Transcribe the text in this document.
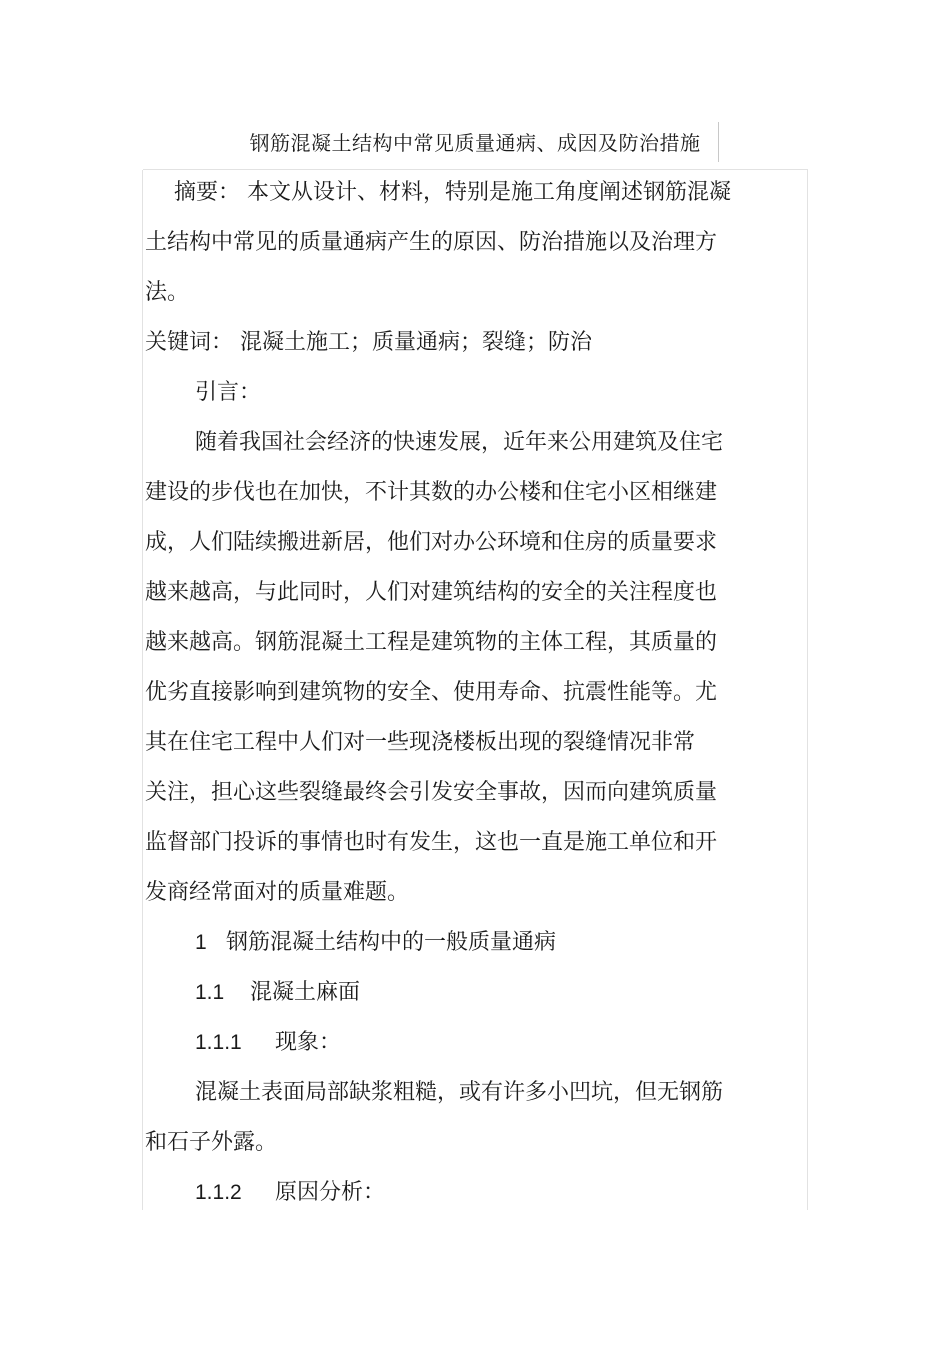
钢筋混凝土结构中常见质量通病、成因及防治措施
摘要： 本文从设计、材料，特别是施工角度阐述钢筋混凝
土结构中常见的质量通病产生的原因、防治措施以及治理方
法。
关键词： 混凝土施工；质量通病；裂缝；防治
引言：
随着我国社会经济的快速发展，近年来公用建筑及住宅
建设的步伐也在加快，不计其数的办公楼和住宅小区相继建
成，人们陆续搬进新居，他们对办公环境和住房的质量要求
越来越高，与此同时，人们对建筑结构的安全的关注程度也
越来越高。钢筋混凝土工程是建筑物的主体工程，其质量的
优劣直接影响到建筑物的安全、使用寿命、抗震性能等。尤
其在住宅工程中人们对一些现浇楼板出现的裂缝情况非常
关注，担心这些裂缝最终会引发安全事故，因而向建筑质量
监督部门投诉的事情也时有发生，这也一直是施工单位和开
发商经常面对的质量难题。
1 钢筋混凝土结构中的一般质量通病
1.1 混凝土麻面
1.1.1 现象：
混凝土表面局部缺浆粗糙，或有许多小凹坑，但无钢筋
和石子外露。
1.1.2 原因分析：
